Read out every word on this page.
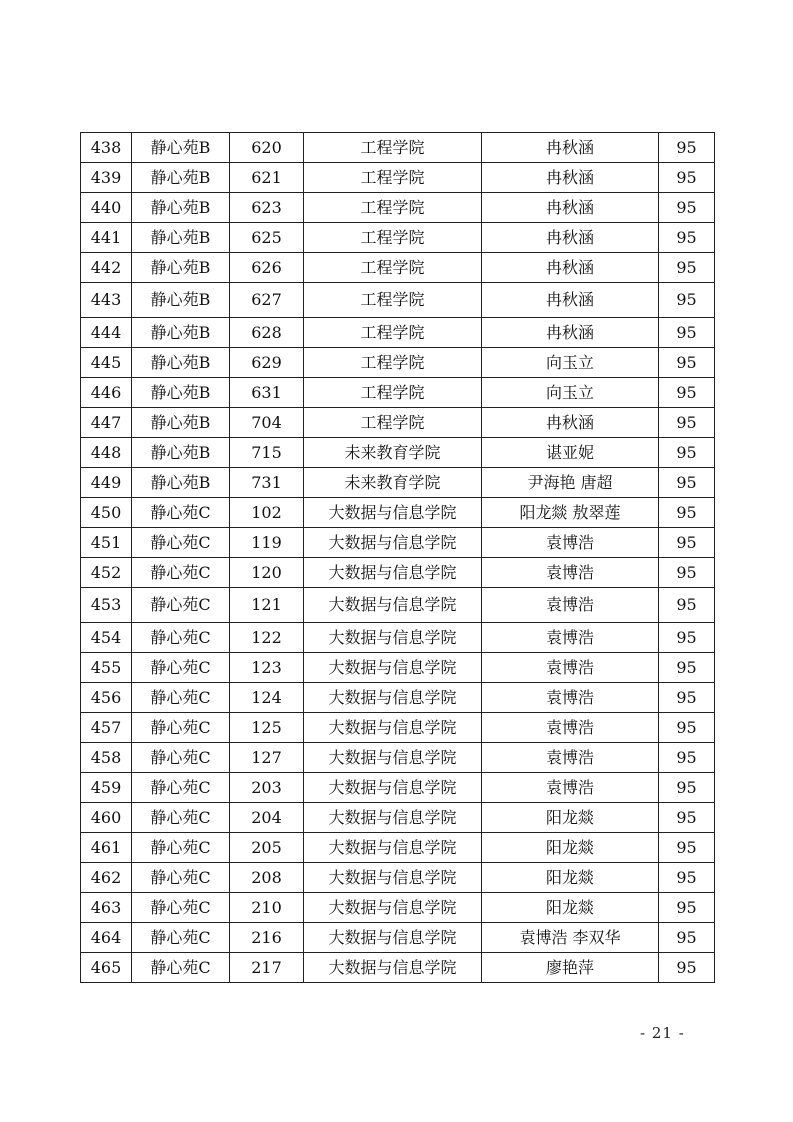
438	静心苑B	620	工程学院	冉秋涵	95
439	静心苑B	621	工程学院	冉秋涵	95
440	静心苑B	623	工程学院	冉秋涵	95
441	静心苑B	625	工程学院	冉秋涵	95
442	静心苑B	626	工程学院	冉秋涵	95
443	静心苑B	627	工程学院	冉秋涵	95
444	静心苑B	628	工程学院	冉秋涵	95
445	静心苑B	629	工程学院	向玉立	95
446	静心苑B	631	工程学院	向玉立	95
447	静心苑B	704	工程学院	冉秋涵	95
448	静心苑B	715	未来教育学院	谌亚妮	95
449	静心苑B	731	未来教育学院	尹海艳 唐超	95
450	静心苑C	102	大数据与信息学院	阳龙燚 敖翠莲	95
451	静心苑C	119	大数据与信息学院	袁博浩	95
452	静心苑C	120	大数据与信息学院	袁博浩	95
453	静心苑C	121	大数据与信息学院	袁博浩	95
454	静心苑C	122	大数据与信息学院	袁博浩	95
455	静心苑C	123	大数据与信息学院	袁博浩	95
456	静心苑C	124	大数据与信息学院	袁博浩	95
457	静心苑C	125	大数据与信息学院	袁博浩	95
458	静心苑C	127	大数据与信息学院	袁博浩	95
459	静心苑C	203	大数据与信息学院	袁博浩	95
460	静心苑C	204	大数据与信息学院	阳龙燚	95
461	静心苑C	205	大数据与信息学院	阳龙燚	95
462	静心苑C	208	大数据与信息学院	阳龙燚	95
463	静心苑C	210	大数据与信息学院	阳龙燚	95
464	静心苑C	216	大数据与信息学院	袁博浩 李双华	95
465	静心苑C	217	大数据与信息学院	廖艳萍	95
- 21 -
